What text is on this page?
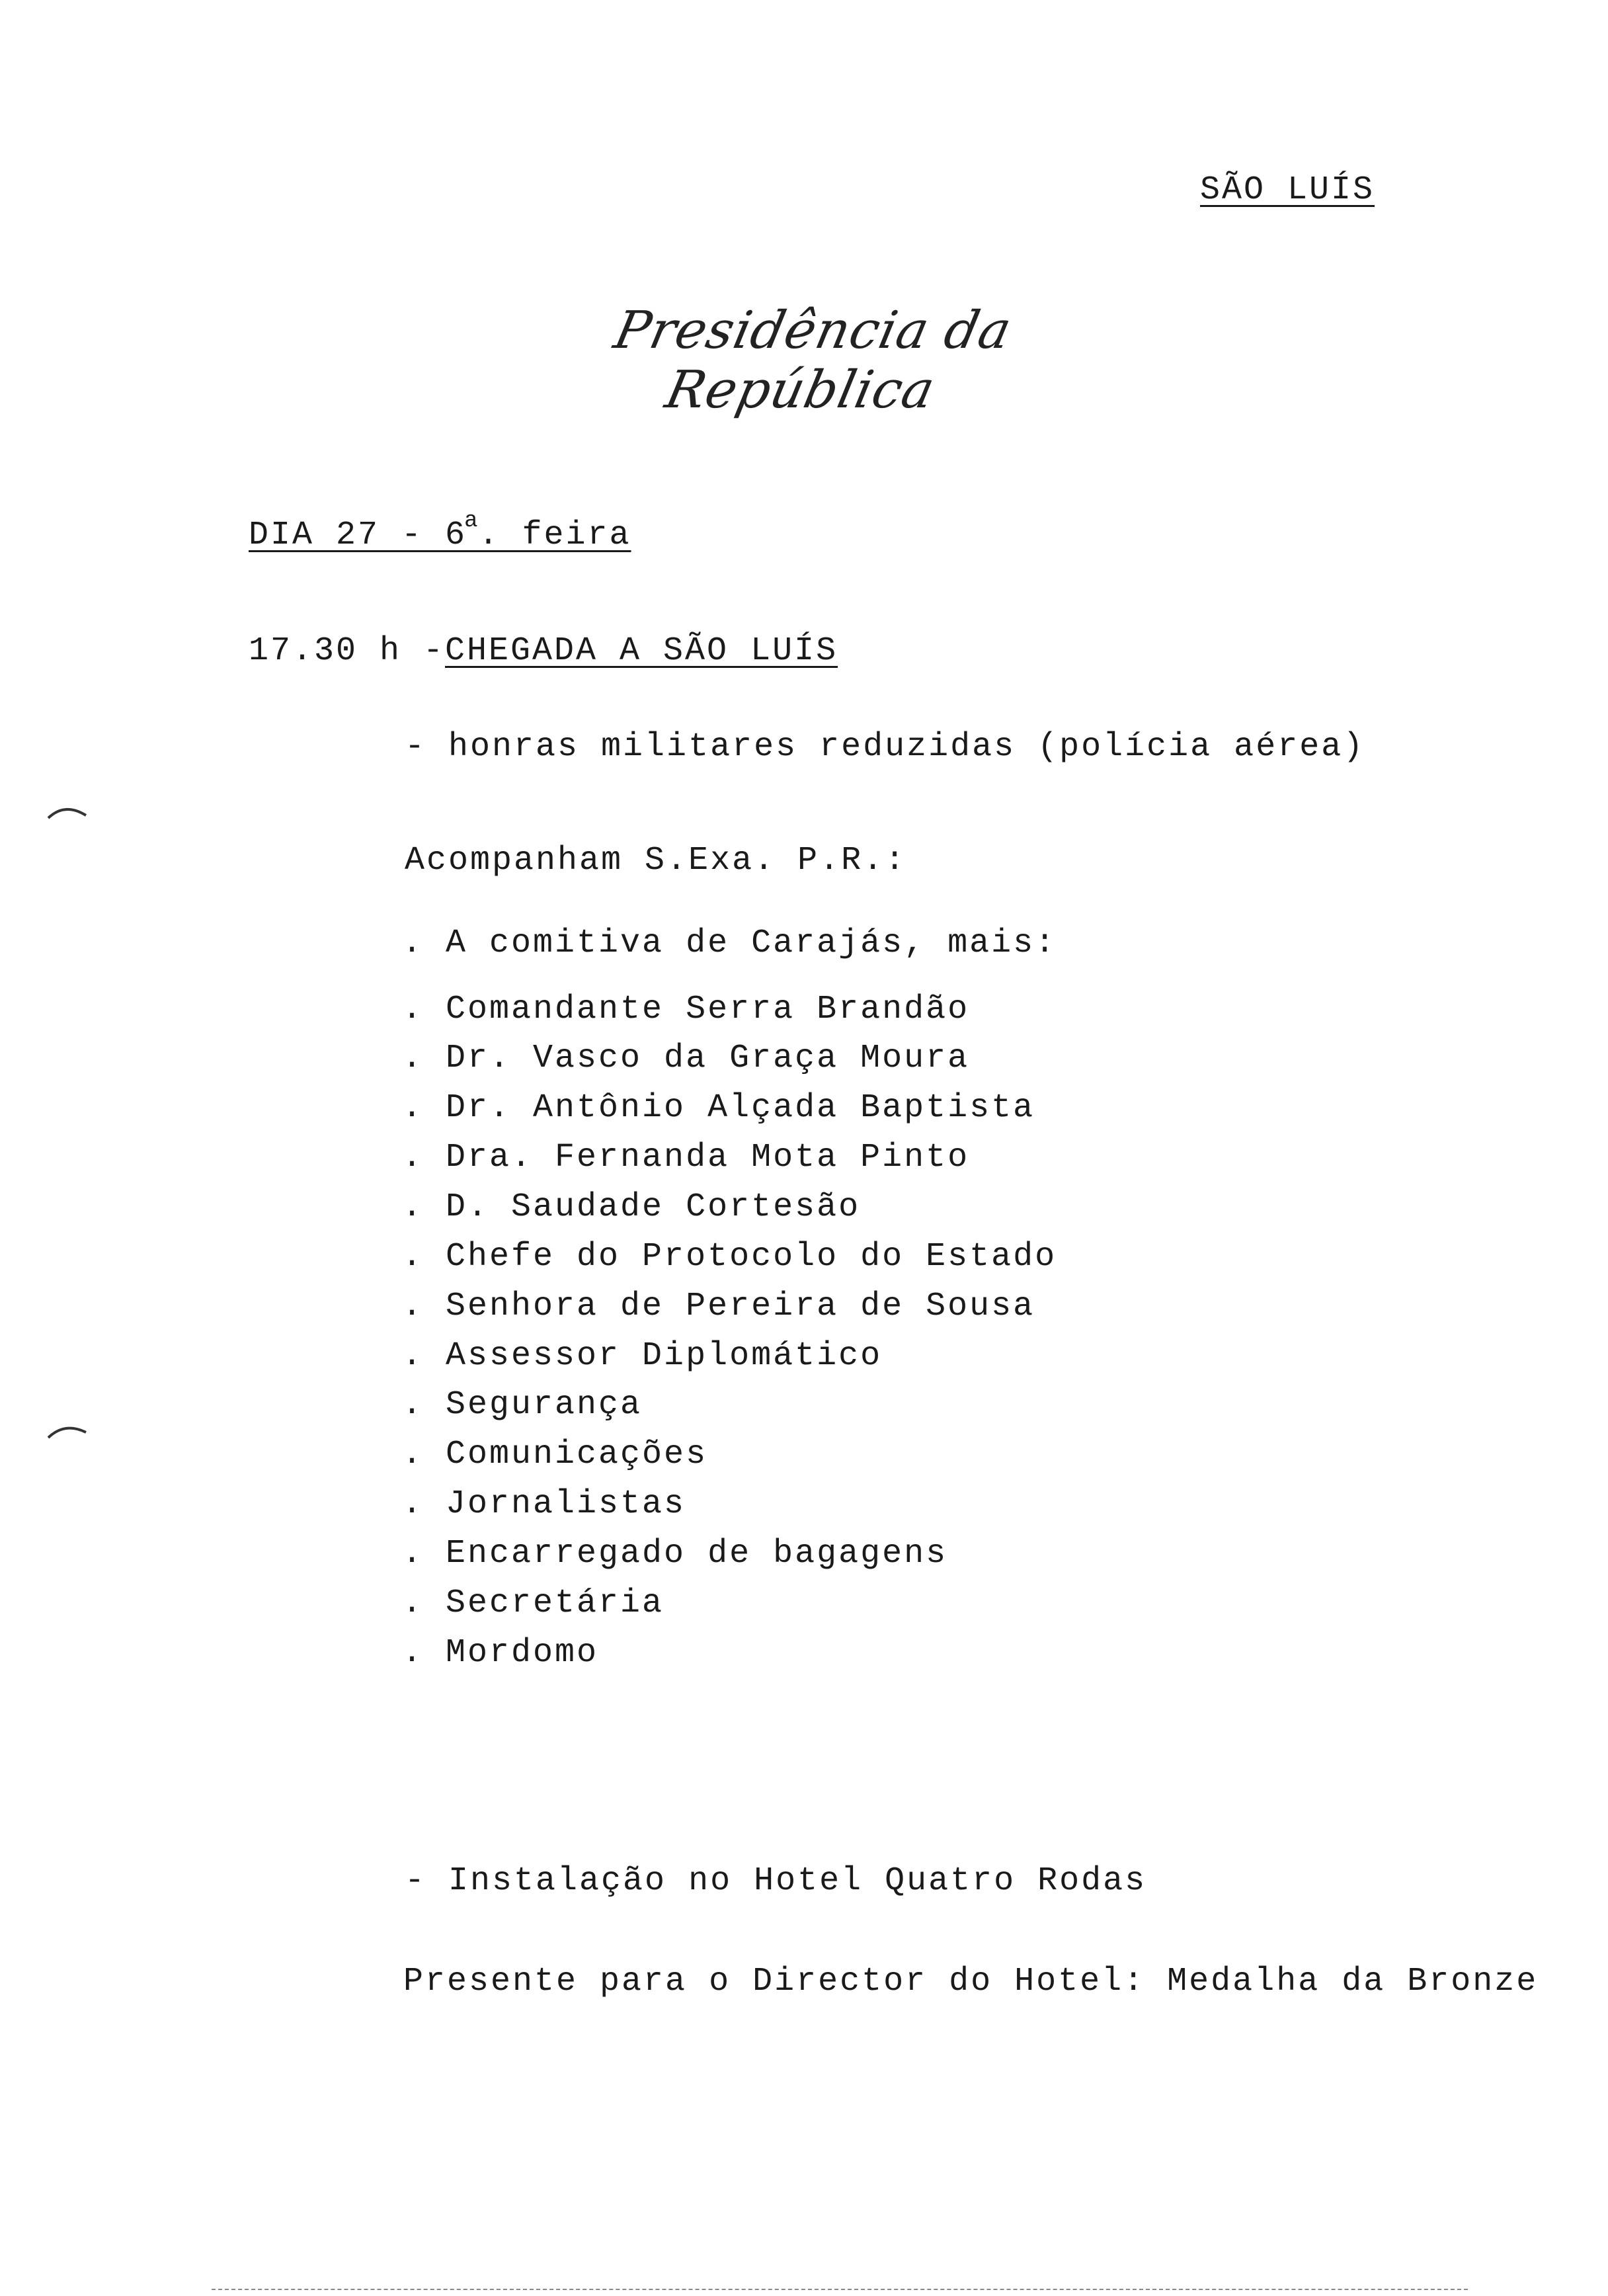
SÃO LUÍS
Presidência da República
DIA 27 - 6$^a$. feira
17.30 h - CHEGADA A SÃO LUÍS
- honras militares reduzidas (polícia aérea)
Acompanham S.Exa. P.R.:
. A comitiva de Carajás, mais:
. Comandante Serra Brandão
. Dr. Vasco da Graça Moura
. Dr. Antônio Alçada Baptista
. Dra. Fernanda Mota Pinto
. D. Saudade Cortesão
. Chefe do Protocolo do Estado
. Senhora de Pereira de Sousa
. Assessor Diplomático
. Segurança
. Comunicações
. Jornalistas
. Encarregado de bagagens
. Secretária
. Mordomo
- Instalação no Hotel Quatro Rodas
Presente para o Director do Hotel: Medalha da Bronze
